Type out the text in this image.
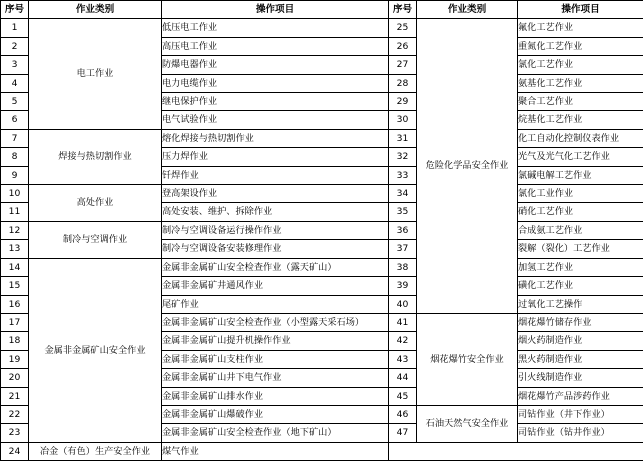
序号	作业类别	操作项目	序号	作业类别	操作项目
1	电工作业	低压电工作业	25	危险化学品安全作业	氟化工艺作业
2		高压电工作业	26		重氮化工艺作业
3		防爆电器作业	27		氯化工艺作业
4		电力电缆作业	28		氨基化工艺作业
5		继电保护作业	29		聚合工艺作业
6		电气试验作业	30		烷基化工艺作业
7	焊接与热切割作业	熔化焊接与热切割作业	31		化工自动化控制仪表作业
8		压力焊作业	32		光气及光气化工艺作业
9		钎焊作业	33		氯碱电解工艺作业
10	高处作业	登高架设作业	34		氯化工业作业
11		高处安装、维护、拆除作业	35		硝化工艺作业
12	制冷与空调作业	制冷与空调设备运行操作作业	36		合成氨工艺作业
13		制冷与空调设备安装修理作业	37		裂解（裂化）工艺作业
14	金属非金属矿山安全作业	金属非金属矿山安全检查作业（露天矿山）	38		加氢工艺作业
15		金属非金属矿井通风作业	39		磺化工艺作业
16		尾矿作业	40		过氧化工艺操作
17		金属非金属矿山安全检查作业（小型露天采石场）	41	烟花爆竹安全作业	烟花爆竹储存作业
18		金属非金属矿山提升机操作作业	42		烟火药制造作业
19		金属非金属矿山支柱作业	43		黑火药制造作业
20		金属非金属矿山井下电气作业	44		引火线制造作业
21		金属非金属矿山排水作业	45		烟花爆竹产品涉药作业
22		金属非金属矿山爆破作业	46	石油天然气安全作业	司钻作业（井下作业）
23		金属非金属矿山安全检查作业（地下矿山）	47		司钻作业（钻井作业）
24	冶金（有色）生产安全作业	煤气作业			
